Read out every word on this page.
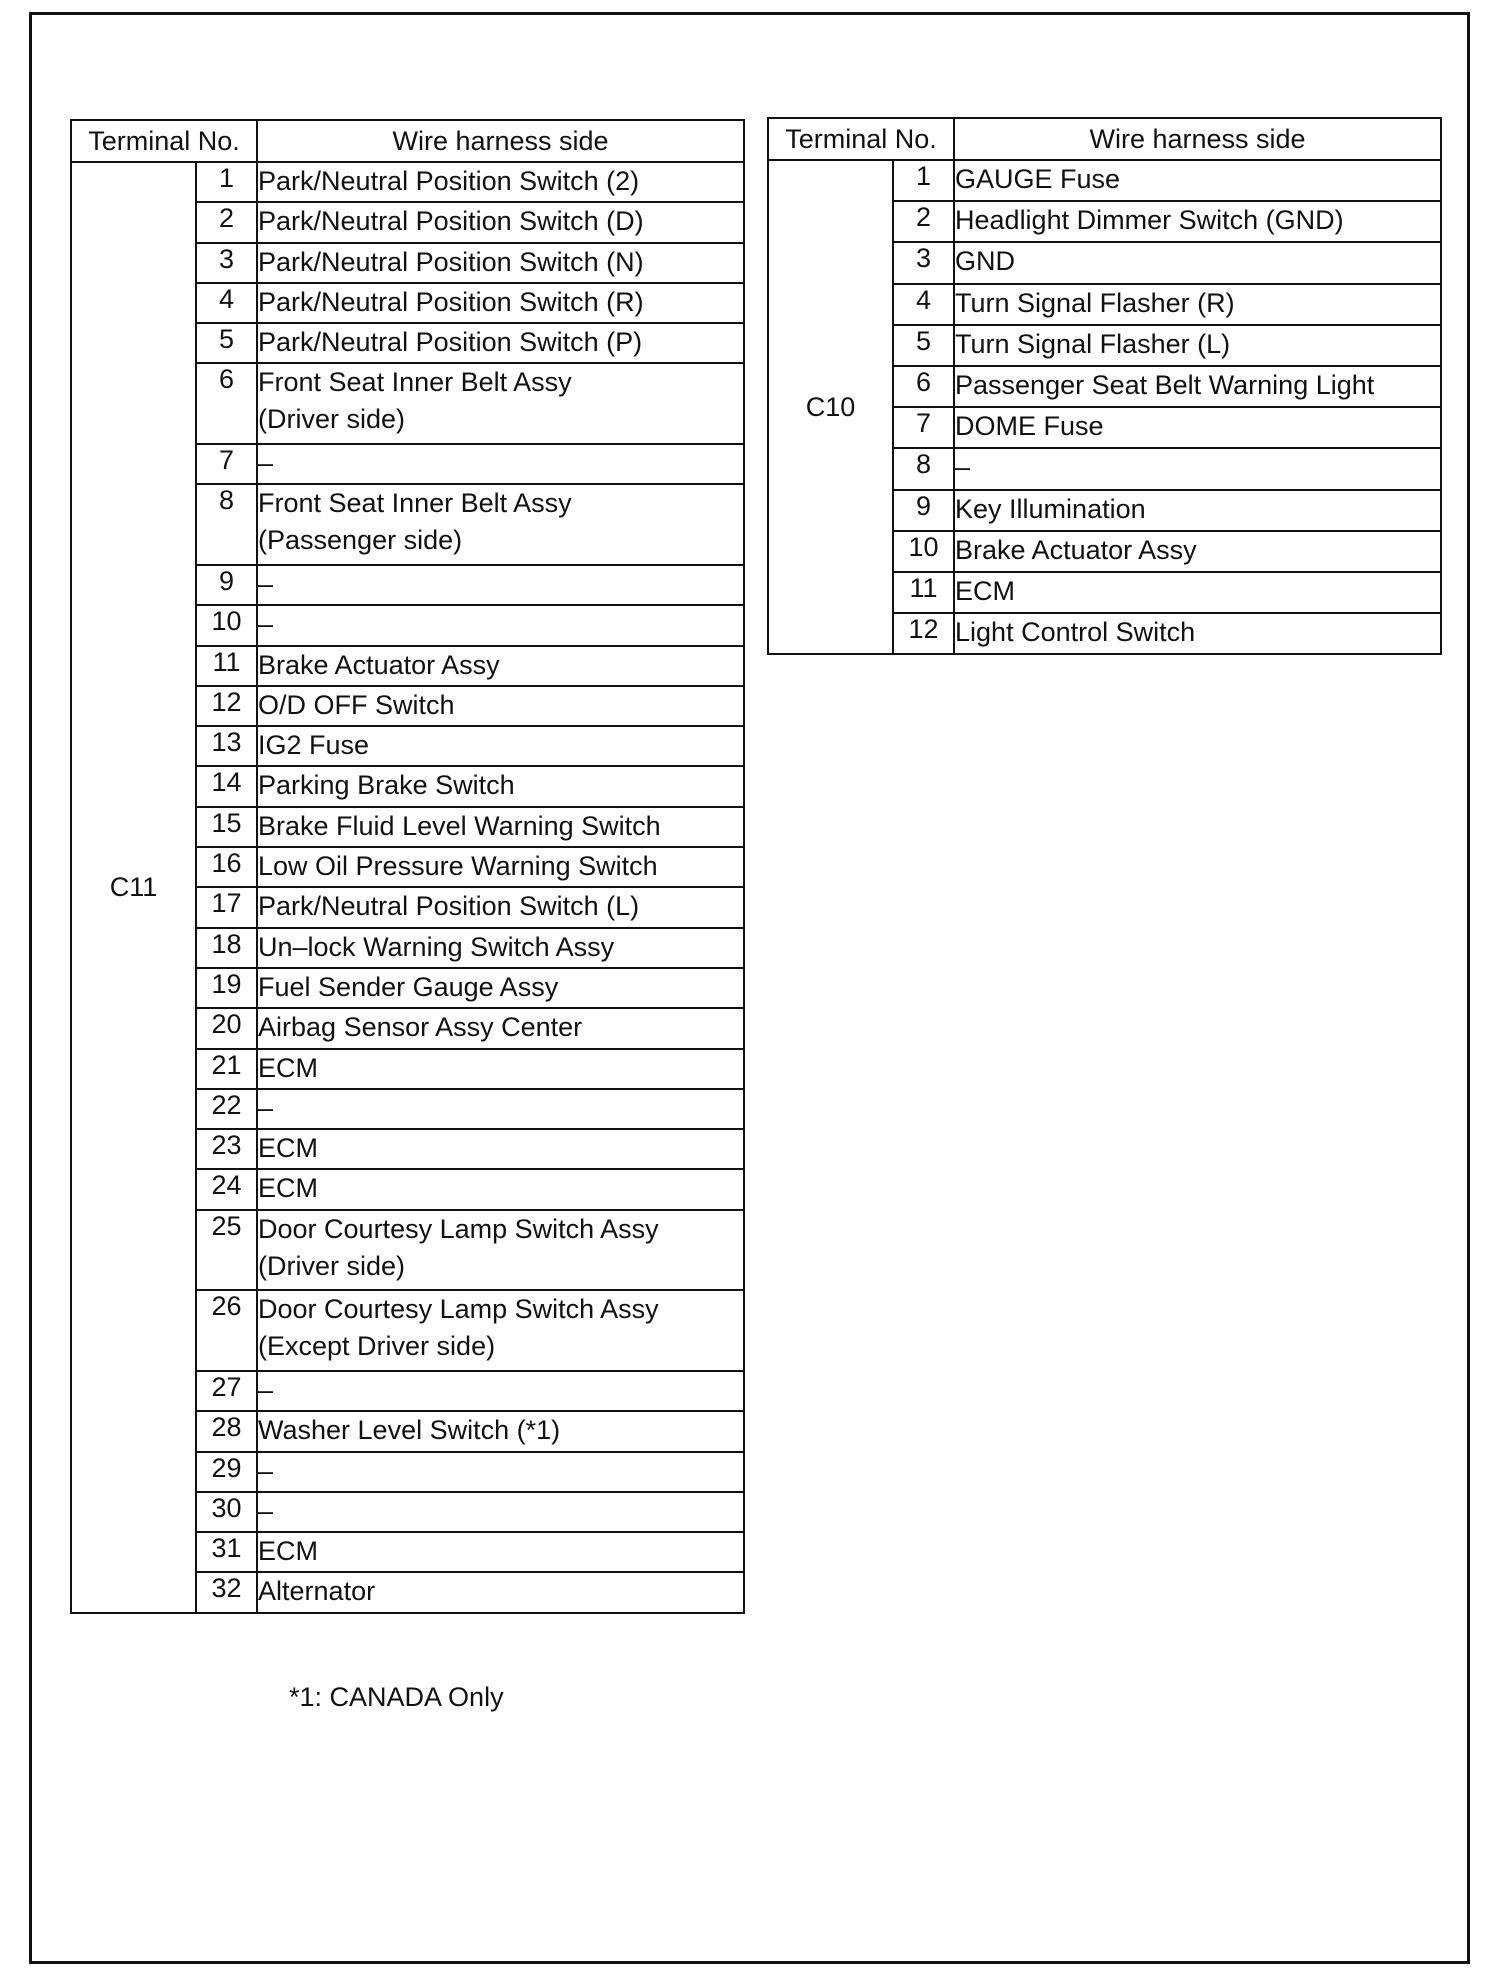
Terminal No.		Wire harness side
C11	1	Park/Neutral Position Switch (2)
	2	Park/Neutral Position Switch (D)
	3	Park/Neutral Position Switch (N)
	4	Park/Neutral Position Switch (R)
	5	Park/Neutral Position Switch (P)
	6	Front Seat Inner Belt Assy
(Driver side)
	7	–
	8	Front Seat Inner Belt Assy
(Passenger side)
	9	–
	10	–
	11	Brake Actuator Assy
	12	O/D OFF Switch
	13	IG2 Fuse
	14	Parking Brake Switch
	15	Brake Fluid Level Warning Switch
	16	Low Oil Pressure Warning Switch
	17	Park/Neutral Position Switch (L)
	18	Un–lock Warning Switch Assy
	19	Fuel Sender Gauge Assy
	20	Airbag Sensor Assy Center
	21	ECM
	22	–
	23	ECM
	24	ECM
	25	Door Courtesy Lamp Switch Assy
(Driver side)
	26	Door Courtesy Lamp Switch Assy
(Except Driver side)
	27	–
	28	Washer Level Switch (*1)
	29	–
	30	–
	31	ECM
	32	Alternator
Terminal No.		Wire harness side
C10	1	GAUGE Fuse
	2	Headlight Dimmer Switch (GND)
	3	GND
	4	Turn Signal Flasher (R)
	5	Turn Signal Flasher (L)
	6	Passenger Seat Belt Warning Light
	7	DOME Fuse
	8	–
	9	Key Illumination
	10	Brake Actuator Assy
	11	ECM
	12	Light Control Switch
*1: CANADA Only
